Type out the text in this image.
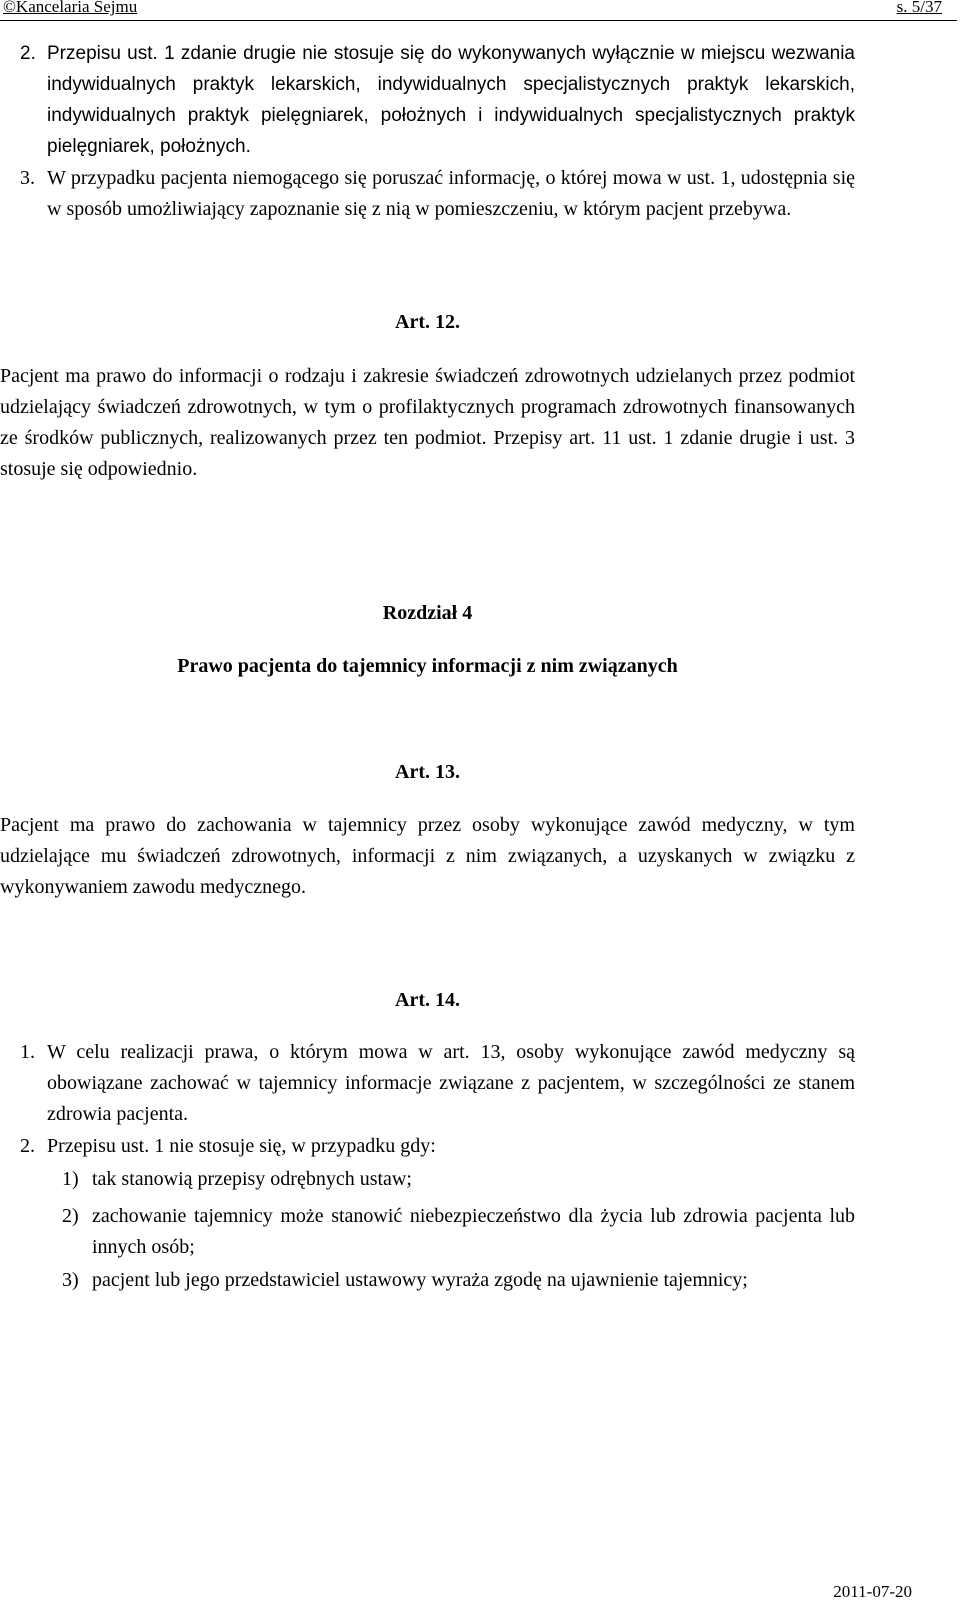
©Kancelaria Sejmu	s. 5/37
2. Przepisu ust. 1 zdanie drugie nie stosuje się do wykonywanych wyłącznie w miejscu wezwania indywidualnych praktyk lekarskich, indywidualnych specjalistycznych praktyk lekarskich, indywidualnych praktyk pielęgniarek, położnych i indywidualnych specjalistycznych praktyk pielęgniarek, położnych.
3. W przypadku pacjenta niemogącego się poruszać informację, o której mowa w ust. 1, udostępnia się w sposób umożliwiający zapoznanie się z nią w pomieszczeniu, w którym pacjent przebywa.
Art. 12.
Pacjent ma prawo do informacji o rodzaju i zakresie świadczeń zdrowotnych udzielanych przez podmiot udzielający świadczeń zdrowotnych, w tym o profilaktycznych programach zdrowotnych finansowanych ze środków publicznych, realizowanych przez ten podmiot. Przepisy art. 11 ust. 1 zdanie drugie i ust. 3 stosuje się odpowiednio.
Rozdział 4
Prawo pacjenta do tajemnicy informacji z nim związanych
Art. 13.
Pacjent ma prawo do zachowania w tajemnicy przez osoby wykonujące zawód medyczny, w tym udzielające mu świadczeń zdrowotnych, informacji z nim związanych, a uzyskanych w związku z wykonywaniem zawodu medycznego.
Art. 14.
1. W celu realizacji prawa, o którym mowa w art. 13, osoby wykonujące zawód medyczny są obowiązane zachować w tajemnicy informacje związane z pacjentem, w szczególności ze stanem zdrowia pacjenta.
2. Przepisu ust. 1 nie stosuje się, w przypadku gdy:
1) tak stanowią przepisy odrębnych ustaw;
2) zachowanie tajemnicy może stanowić niebezpieczeństwo dla życia lub zdrowia pacjenta lub innych osób;
3) pacjent lub jego przedstawiciel ustawowy wyraża zgodę na ujawnienie tajemnicy;
2011-07-20
